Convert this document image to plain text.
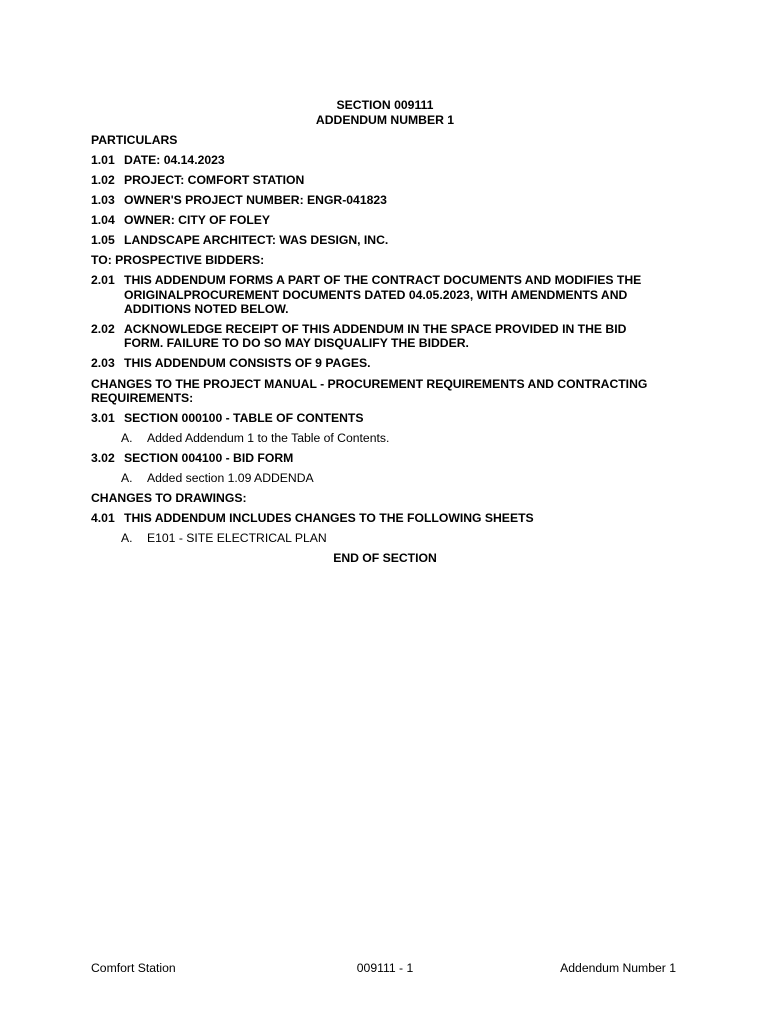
SECTION 009111
ADDENDUM NUMBER 1
PARTICULARS
1.01 DATE: 04.14.2023
1.02 PROJECT: COMFORT STATION
1.03 OWNER'S PROJECT NUMBER: ENGR-041823
1.04 OWNER: CITY OF FOLEY
1.05 LANDSCAPE ARCHITECT: WAS DESIGN, INC.
TO: PROSPECTIVE BIDDERS:
2.01 THIS ADDENDUM FORMS A PART OF THE CONTRACT DOCUMENTS AND MODIFIES THE
ORIGINALPROCUREMENT DOCUMENTS DATED 04.05.2023, WITH AMENDMENTS AND
ADDITIONS NOTED BELOW.
2.02 ACKNOWLEDGE RECEIPT OF THIS ADDENDUM IN THE SPACE PROVIDED IN THE BID
FORM. FAILURE TO DO SO MAY DISQUALIFY THE BIDDER.
2.03 THIS ADDENDUM CONSISTS OF 9 PAGES.
CHANGES TO THE PROJECT MANUAL - PROCUREMENT REQUIREMENTS AND CONTRACTING
REQUIREMENTS:
3.01 SECTION 000100 - TABLE OF CONTENTS
A. Added Addendum 1 to the Table of Contents.
3.02 SECTION 004100 - BID FORM
A. Added section 1.09 ADDENDA
CHANGES TO DRAWINGS:
4.01 THIS ADDENDUM INCLUDES CHANGES TO THE FOLLOWING SHEETS
A. E101 - SITE ELECTRICAL PLAN
END OF SECTION
Comfort Station	009111 - 1	Addendum Number 1
